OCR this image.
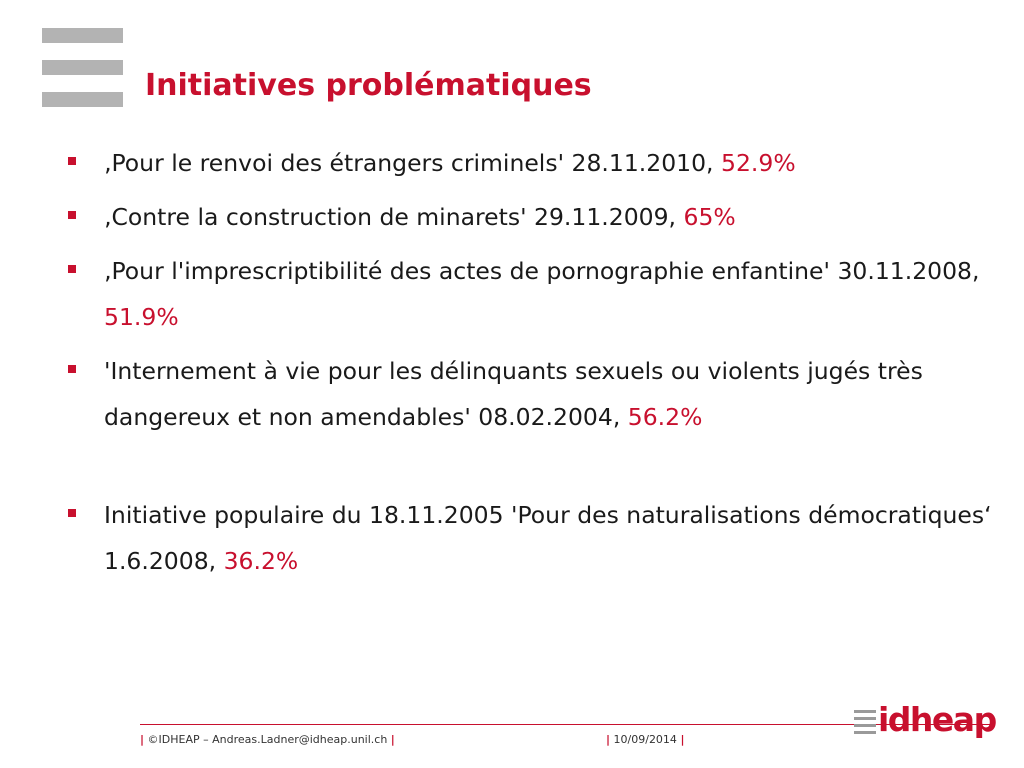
Initiatives problématiques
‚Pour le renvoi des étrangers criminels' 28.11.2010, 52.9%
‚Contre la construction de minarets' 29.11.2009, 65%
‚Pour l'imprescriptibilité des actes de pornographie enfantine' 30.11.2008, 51.9%
'Internement à vie pour les délinquants sexuels ou violents jugés très dangereux et non amendables' 08.02.2004, 56.2%
Initiative populaire du 18.11.2005 'Pour des naturalisations démocratiques‘ 1.6.2008, 36.2%
| ©IDHEAP – Andreas.Ladner@idheap.unil.ch |	| 10/09/2014 |
idheap
